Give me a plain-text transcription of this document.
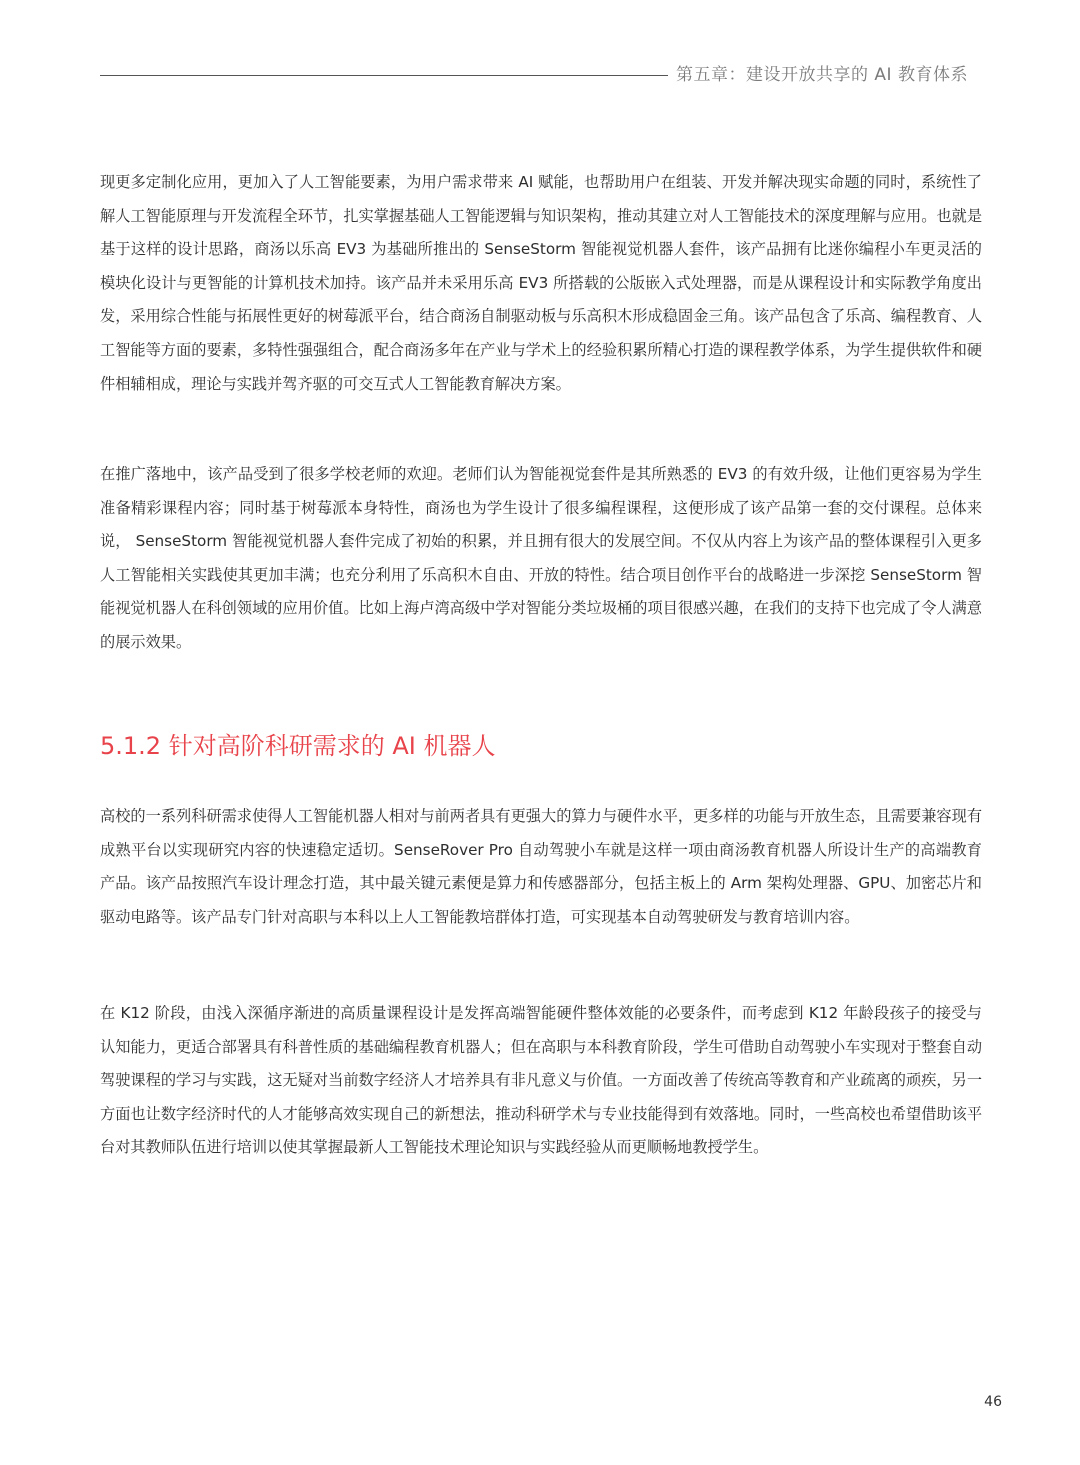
第五章：建设开放共享的 AI 教育体系

现更多定制化应用，更加入了人工智能要素，为用户需求带来 AI 赋能，也帮助用户在组装、开发并解决现实命题的同时，系统性了解人工智能原理与开发流程全环节，扎实掌握基础人工智能逻辑与知识架构，推动其建立对人工智能技术的深度理解与应用。也就是基于这样的设计思路，商汤以乐高 EV3 为基础所推出的 SenseStorm 智能视觉机器人套件，该产品拥有比迷你编程小车更灵活的模块化设计与更智能的计算机技术加持。该产品并未采用乐高 EV3 所搭载的公版嵌入式处理器，而是从课程设计和实际教学角度出发，采用综合性能与拓展性更好的树莓派平台，结合商汤自制驱动板与乐高积木形成稳固金三角。该产品包含了乐高、编程教育、人工智能等方面的要素，多特性强强组合，配合商汤多年在产业与学术上的经验积累所精心打造的课程教学体系，为学生提供软件和硬件相辅相成，理论与实践并驾齐驱的可交互式人工智能教育解决方案。

在推广落地中，该产品受到了很多学校老师的欢迎。老师们认为智能视觉套件是其所熟悉的 EV3 的有效升级，让他们更容易为学生准备精彩课程内容；同时基于树莓派本身特性，商汤也为学生设计了很多编程课程，这便形成了该产品第一套的交付课程。总体来说， SenseStorm 智能视觉机器人套件完成了初始的积累，并且拥有很大的发展空间。不仅从内容上为该产品的整体课程引入更多人工智能相关实践使其更加丰满；也充分利用了乐高积木自由、开放的特性。结合项目创作平台的战略进一步深挖 SenseStorm 智能视觉机器人在科创领域的应用价值。比如上海卢湾高级中学对智能分类垃圾桶的项目很感兴趣，在我们的支持下也完成了令人满意的展示效果。

5.1.2 针对高阶科研需求的 AI 机器人

高校的一系列科研需求使得人工智能机器人相对与前两者具有更强大的算力与硬件水平，更多样的功能与开放生态，且需要兼容现有成熟平台以实现研究内容的快速稳定适切。SenseRover Pro 自动驾驶小车就是这样一项由商汤教育机器人所设计生产的高端教育产品。该产品按照汽车设计理念打造，其中最关键元素便是算力和传感器部分，包括主板上的 Arm 架构处理器、GPU、加密芯片和驱动电路等。该产品专门针对高职与本科以上人工智能教培群体打造，可实现基本自动驾驶研发与教育培训内容。

在 K12 阶段，由浅入深循序渐进的高质量课程设计是发挥高端智能硬件整体效能的必要条件，而考虑到 K12 年龄段孩子的接受与认知能力，更适合部署具有科普性质的基础编程教育机器人；但在高职与本科教育阶段，学生可借助自动驾驶小车实现对于整套自动驾驶课程的学习与实践，这无疑对当前数字经济人才培养具有非凡意义与价值。一方面改善了传统高等教育和产业疏离的顽疾，另一方面也让数字经济时代的人才能够高效实现自己的新想法，推动科研学术与专业技能得到有效落地。同时，一些高校也希望借助该平台对其教师队伍进行培训以使其掌握最新人工智能技术理论知识与实践经验从而更顺畅地教授学生。

46
